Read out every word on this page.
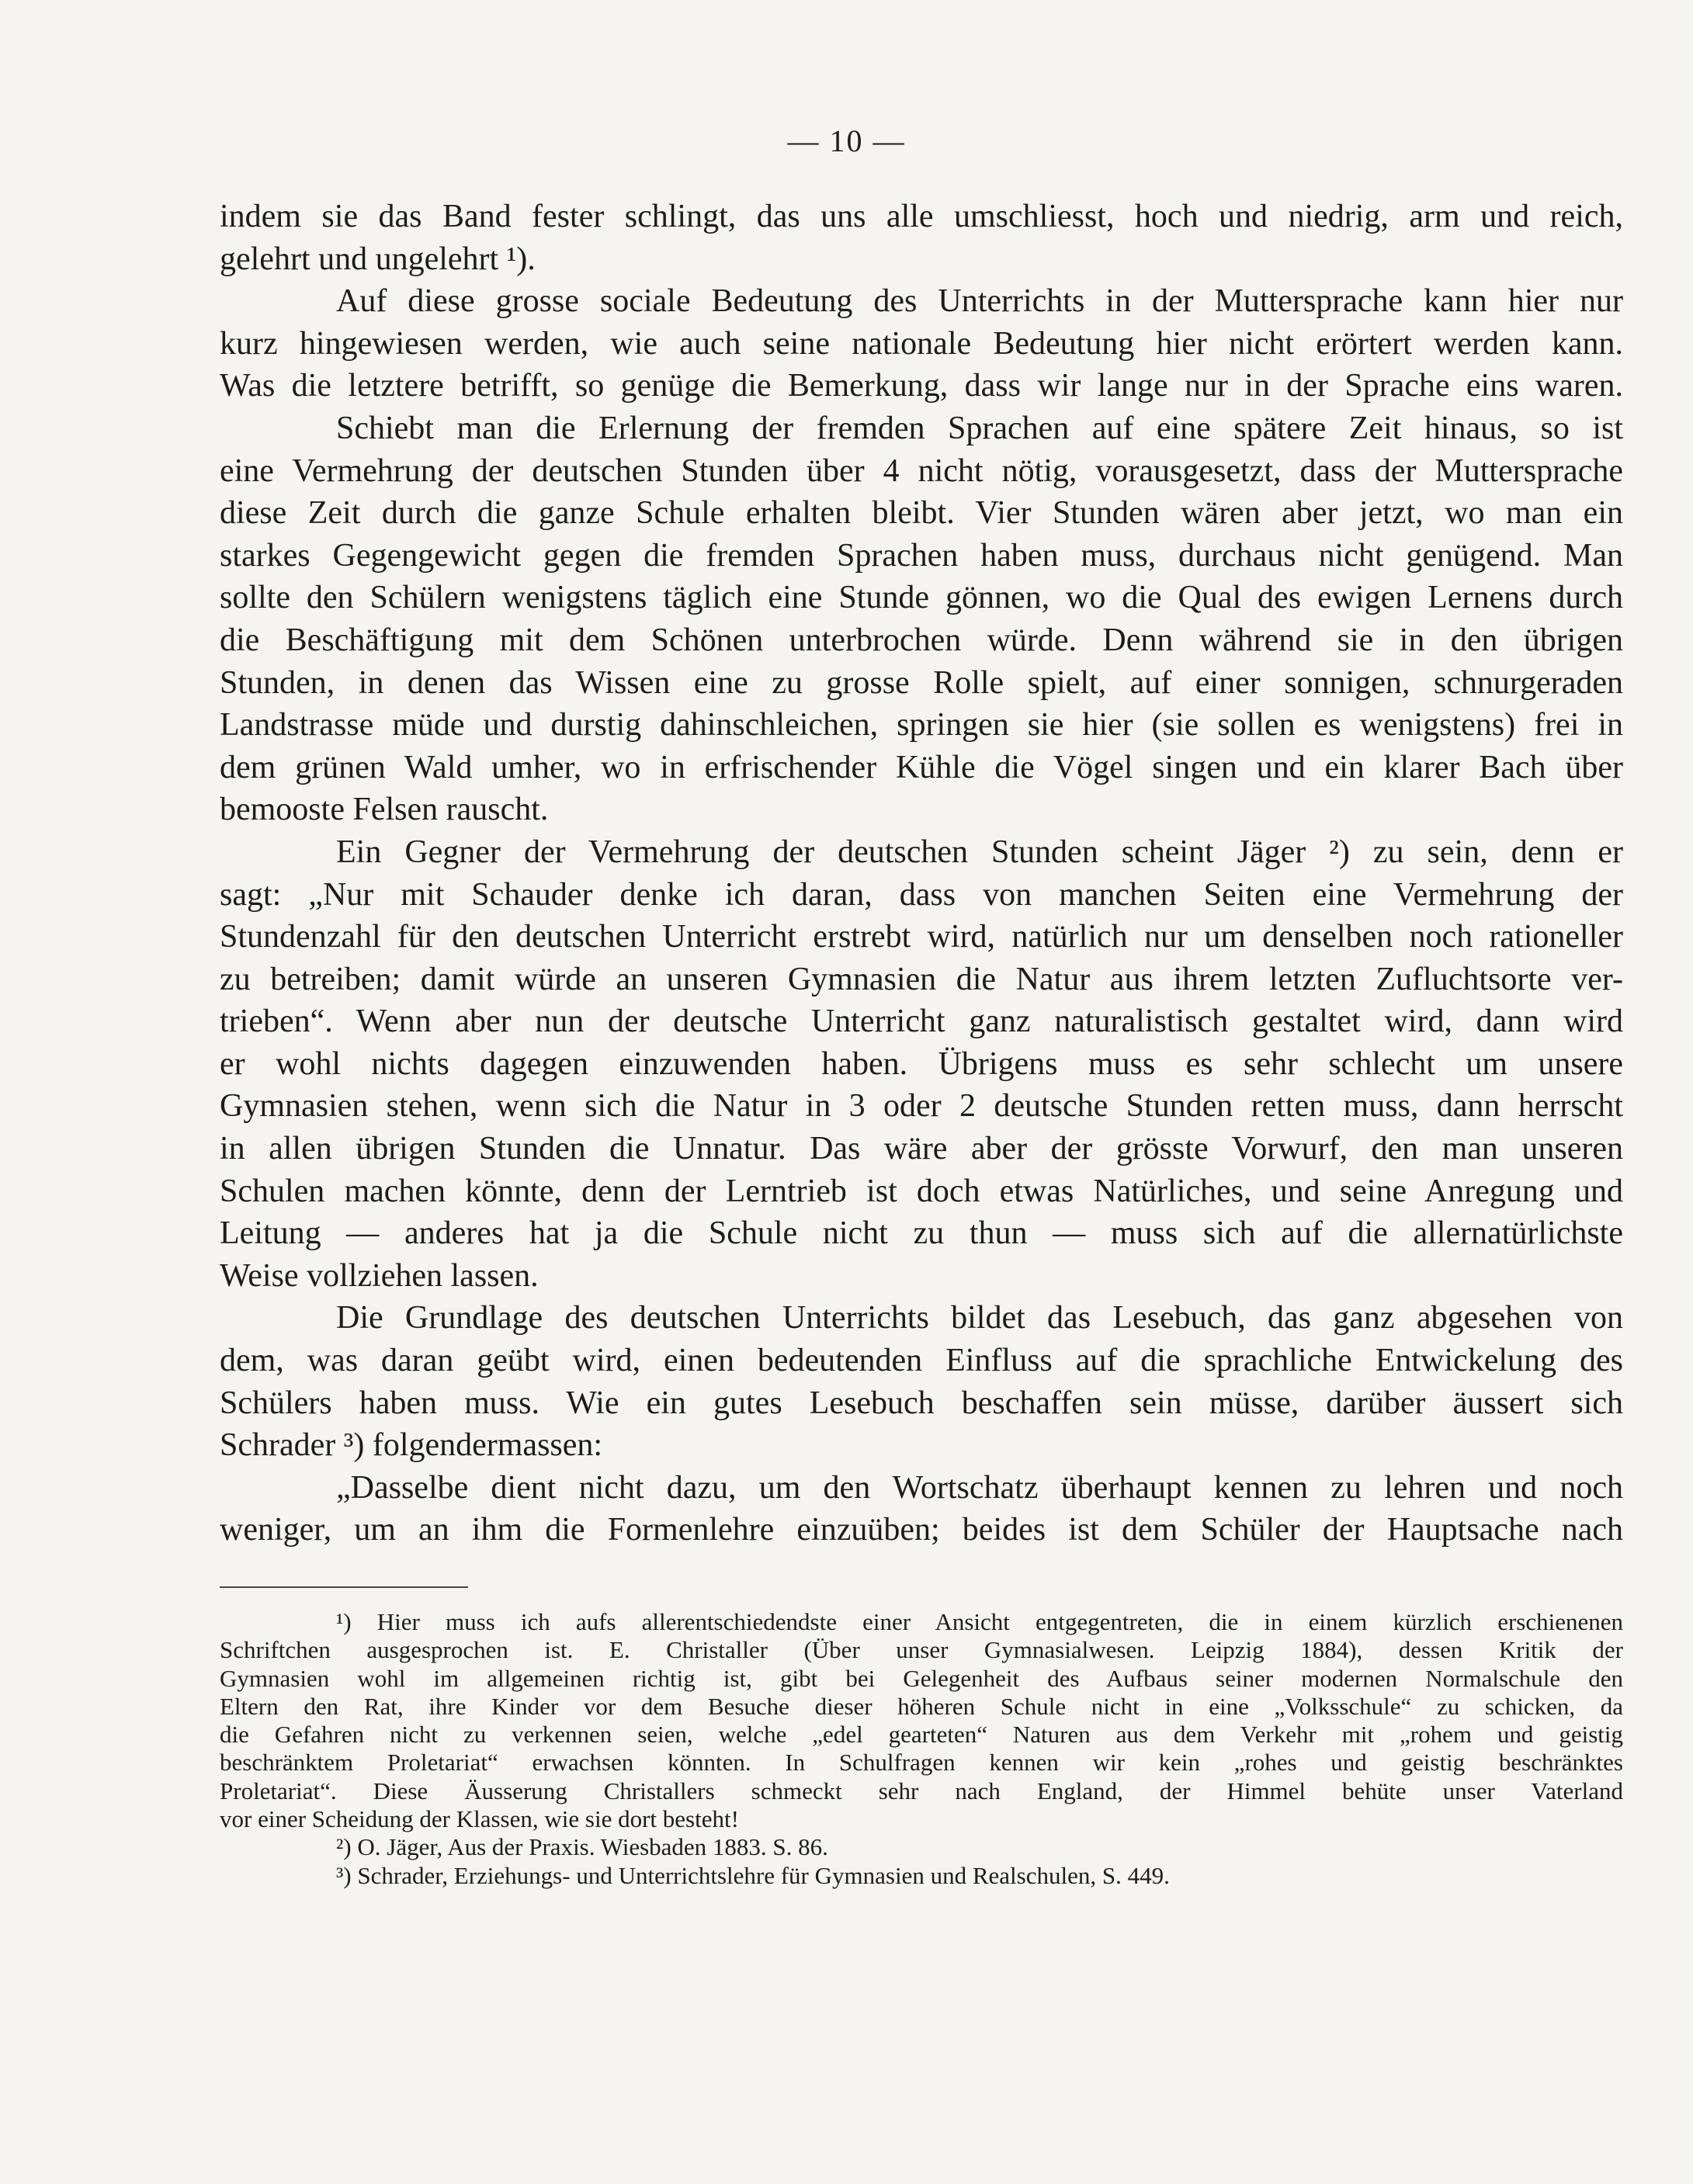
— 10 —
indem sie das Band fester schlingt, das uns alle umschliesst, hoch und niedrig, arm und reich,
gelehrt und ungelehrt ¹).
Auf diese grosse sociale Bedeutung des Unterrichts in der Muttersprache kann hier nur
kurz hingewiesen werden, wie auch seine nationale Bedeutung hier nicht erörtert werden kann.
Was die letztere betrifft, so genüge die Bemerkung, dass wir lange nur in der Sprache eins waren.
Schiebt man die Erlernung der fremden Sprachen auf eine spätere Zeit hinaus, so ist
eine Vermehrung der deutschen Stunden über 4 nicht nötig, vorausgesetzt, dass der Muttersprache
diese Zeit durch die ganze Schule erhalten bleibt. Vier Stunden wären aber jetzt, wo man ein
starkes Gegengewicht gegen die fremden Sprachen haben muss, durchaus nicht genügend. Man
sollte den Schülern wenigstens täglich eine Stunde gönnen, wo die Qual des ewigen Lernens durch
die Beschäftigung mit dem Schönen unterbrochen würde. Denn während sie in den übrigen
Stunden, in denen das Wissen eine zu grosse Rolle spielt, auf einer sonnigen, schnurgeraden
Landstrasse müde und durstig dahinschleichen, springen sie hier (sie sollen es wenigstens) frei in
dem grünen Wald umher, wo in erfrischender Kühle die Vögel singen und ein klarer Bach über
bemooste Felsen rauscht.
Ein Gegner der Vermehrung der deutschen Stunden scheint Jäger ²) zu sein, denn er
sagt: „Nur mit Schauder denke ich daran, dass von manchen Seiten eine Vermehrung der
Stundenzahl für den deutschen Unterricht erstrebt wird, natürlich nur um denselben noch rationeller
zu betreiben; damit würde an unseren Gymnasien die Natur aus ihrem letzten Zufluchtsorte ver-
trieben“. Wenn aber nun der deutsche Unterricht ganz naturalistisch gestaltet wird, dann wird
er wohl nichts dagegen einzuwenden haben. Übrigens muss es sehr schlecht um unsere
Gymnasien stehen, wenn sich die Natur in 3 oder 2 deutsche Stunden retten muss, dann herrscht
in allen übrigen Stunden die Unnatur. Das wäre aber der grösste Vorwurf, den man unseren
Schulen machen könnte, denn der Lerntrieb ist doch etwas Natürliches, und seine Anregung und
Leitung — anderes hat ja die Schule nicht zu thun — muss sich auf die allernatürlichste
Weise vollziehen lassen.
Die Grundlage des deutschen Unterrichts bildet das Lesebuch, das ganz abgesehen von
dem, was daran geübt wird, einen bedeutenden Einfluss auf die sprachliche Entwickelung des
Schülers haben muss. Wie ein gutes Lesebuch beschaffen sein müsse, darüber äussert sich
Schrader ³) folgendermassen:
„Dasselbe dient nicht dazu, um den Wortschatz überhaupt kennen zu lehren und noch
weniger, um an ihm die Formenlehre einzuüben; beides ist dem Schüler der Hauptsache nach
¹) Hier muss ich aufs allerentschiedendste einer Ansicht entgegentreten, die in einem kürzlich erschienenen
Schriftchen ausgesprochen ist. E. Christaller (Über unser Gymnasialwesen. Leipzig 1884), dessen Kritik der
Gymnasien wohl im allgemeinen richtig ist, gibt bei Gelegenheit des Aufbaus seiner modernen Normalschule den
Eltern den Rat, ihre Kinder vor dem Besuche dieser höheren Schule nicht in eine „Volksschule“ zu schicken, da
die Gefahren nicht zu verkennen seien, welche „edel gearteten“ Naturen aus dem Verkehr mit „rohem und geistig
beschränktem Proletariat“ erwachsen könnten. In Schulfragen kennen wir kein „rohes und geistig beschränktes
Proletariat“. Diese Äusserung Christallers schmeckt sehr nach England, der Himmel behüte unser Vaterland
vor einer Scheidung der Klassen, wie sie dort besteht!
²) O. Jäger, Aus der Praxis. Wiesbaden 1883. S. 86.
³) Schrader, Erziehungs- und Unterrichtslehre für Gymnasien und Realschulen, S. 449.
